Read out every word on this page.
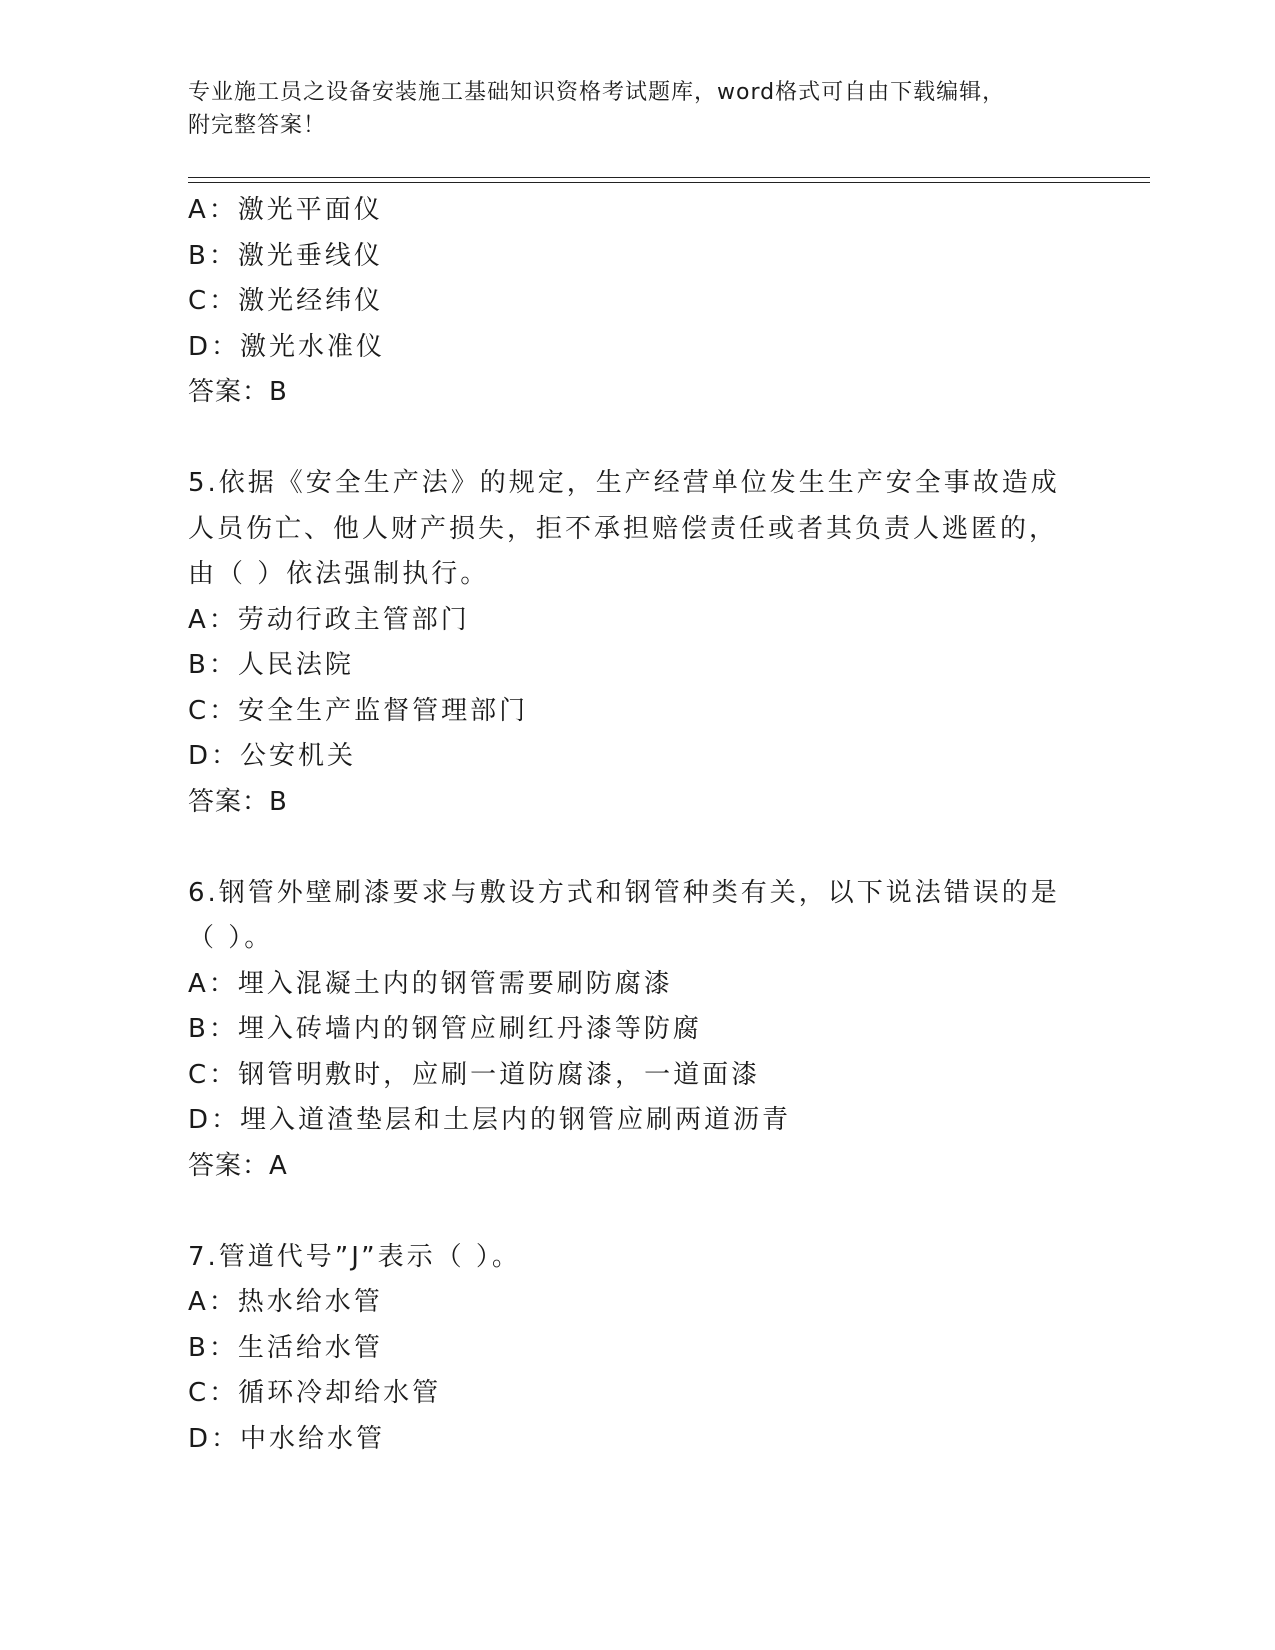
专业施工员之设备安装施工基础知识资格考试题库，word格式可自由下载编辑，
附完整答案！
A：激光平面仪
B：激光垂线仪
C：激光经纬仪
D：激光水准仪
答案：B
5.依据《安全生产法》的规定，生产经营单位发生生产安全事故造成
人员伤亡、他人财产损失，拒不承担赔偿责任或者其负责人逃匿的，
由（ ）依法强制执行。
A：劳动行政主管部门
B：人民法院
C：安全生产监督管理部门
D：公安机关
答案：B
6.钢管外壁刷漆要求与敷设方式和钢管种类有关，以下说法错误的是
（ ）。
A：埋入混凝土内的钢管需要刷防腐漆
B：埋入砖墙内的钢管应刷红丹漆等防腐
C：钢管明敷时，应刷一道防腐漆，一道面漆
D：埋入道渣垫层和土层内的钢管应刷两道沥青
答案：A
7.管道代号”J”表示（ ）。
A：热水给水管
B：生活给水管
C：循环冷却给水管
D：中水给水管
